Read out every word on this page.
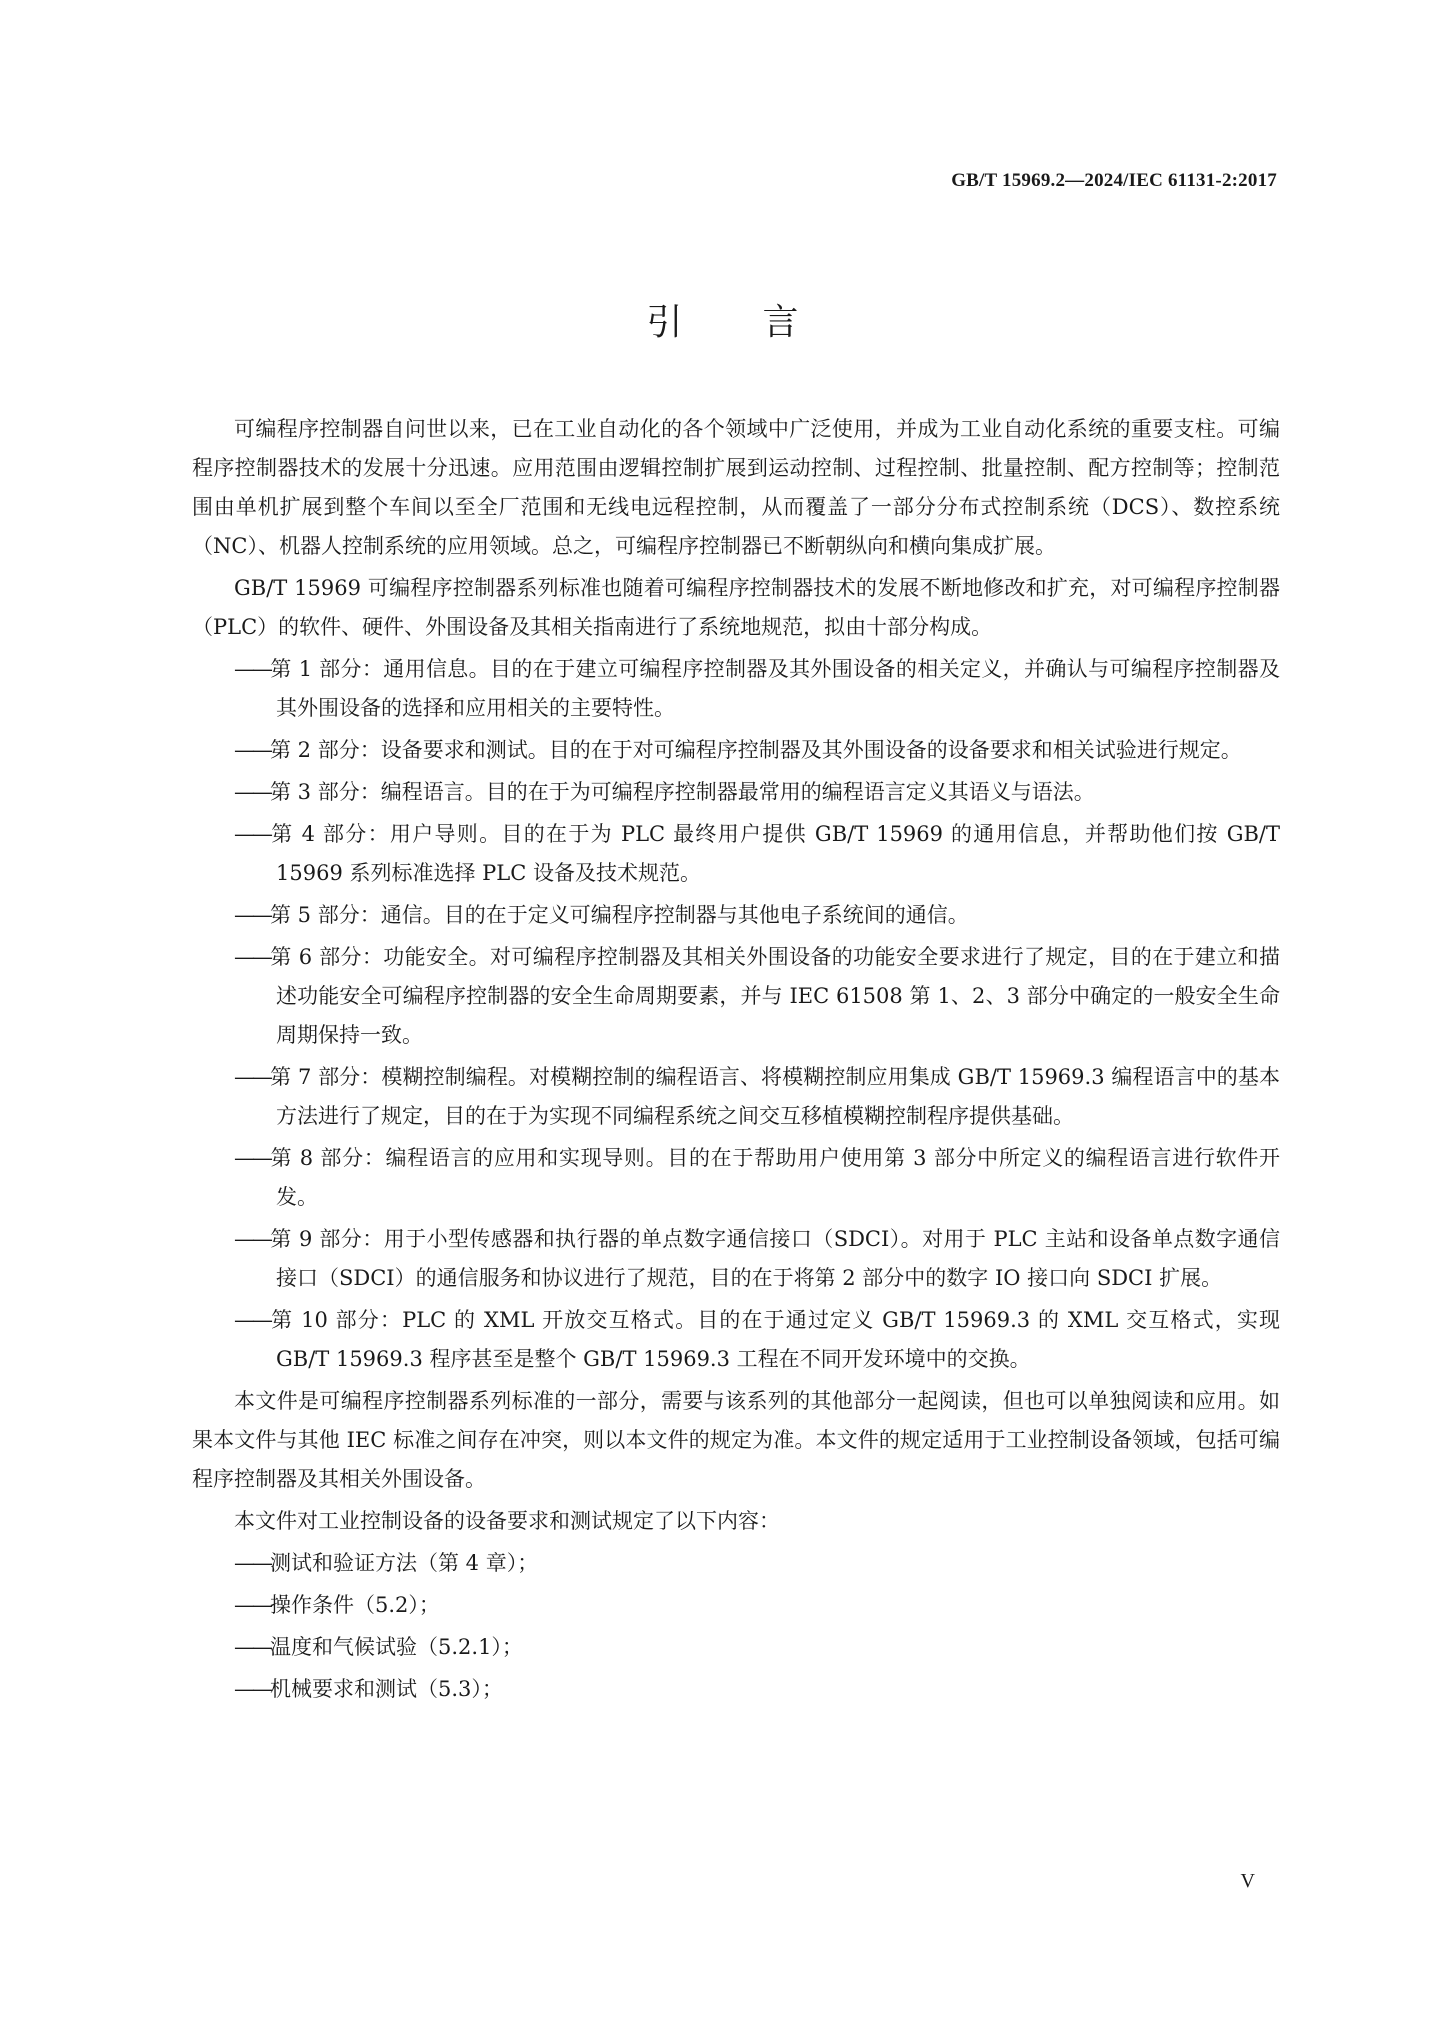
GB/T 15969.2—2024/IEC 61131-2:2017
引言

可编程序控制器自问世以来，已在工业自动化的各个领域中广泛使用，并成为工业自动化系统的重要支柱。可编程序控制器技术的发展十分迅速。应用范围由逻辑控制扩展到运动控制、过程控制、批量控制、配方控制等；控制范围由单机扩展到整个车间以至全厂范围和无线电远程控制，从而覆盖了一部分分布式控制系统（DCS）、数控系统（NC）、机器人控制系统的应用领域。总之，可编程序控制器已不断朝纵向和横向集成扩展。

GB/T 15969 可编程序控制器系列标准也随着可编程序控制器技术的发展不断地修改和扩充，对可编程序控制器（PLC）的软件、硬件、外围设备及其相关指南进行了系统地规范，拟由十部分构成。

——第 1 部分：通用信息。目的在于建立可编程序控制器及其外围设备的相关定义，并确认与可编程序控制器及其外围设备的选择和应用相关的主要特性。
——第 2 部分：设备要求和测试。目的在于对可编程序控制器及其外围设备的设备要求和相关试验进行规定。
——第 3 部分：编程语言。目的在于为可编程序控制器最常用的编程语言定义其语义与语法。
——第 4 部分：用户导则。目的在于为 PLC 最终用户提供 GB/T 15969 的通用信息，并帮助他们按 GB/T 15969 系列标准选择 PLC 设备及技术规范。
——第 5 部分：通信。目的在于定义可编程序控制器与其他电子系统间的通信。
——第 6 部分：功能安全。对可编程序控制器及其相关外围设备的功能安全要求进行了规定，目的在于建立和描述功能安全可编程序控制器的安全生命周期要素，并与 IEC 61508 第 1、2、3 部分中确定的一般安全生命周期保持一致。
——第 7 部分：模糊控制编程。对模糊控制的编程语言、将模糊控制应用集成 GB/T 15969.3 编程语言中的基本方法进行了规定，目的在于为实现不同编程系统之间交互移植模糊控制程序提供基础。
——第 8 部分：编程语言的应用和实现导则。目的在于帮助用户使用第 3 部分中所定义的编程语言进行软件开发。
——第 9 部分：用于小型传感器和执行器的单点数字通信接口（SDCI）。对用于 PLC 主站和设备单点数字通信接口（SDCI）的通信服务和协议进行了规范，目的在于将第 2 部分中的数字 IO 接口向 SDCI 扩展。
——第 10 部分：PLC 的 XML 开放交互格式。目的在于通过定义 GB/T 15969.3 的 XML 交互格式，实现 GB/T 15969.3 程序甚至是整个 GB/T 15969.3 工程在不同开发环境中的交换。

本文件是可编程序控制器系列标准的一部分，需要与该系列的其他部分一起阅读，但也可以单独阅读和应用。如果本文件与其他 IEC 标准之间存在冲突，则以本文件的规定为准。本文件的规定适用于工业控制设备领域，包括可编程序控制器及其相关外围设备。

本文件对工业控制设备的设备要求和测试规定了以下内容：

——测试和验证方法（第 4 章）；
——操作条件（5.2）；
——温度和气候试验（5.2.1）；
——机械要求和测试（5.3）；
V
